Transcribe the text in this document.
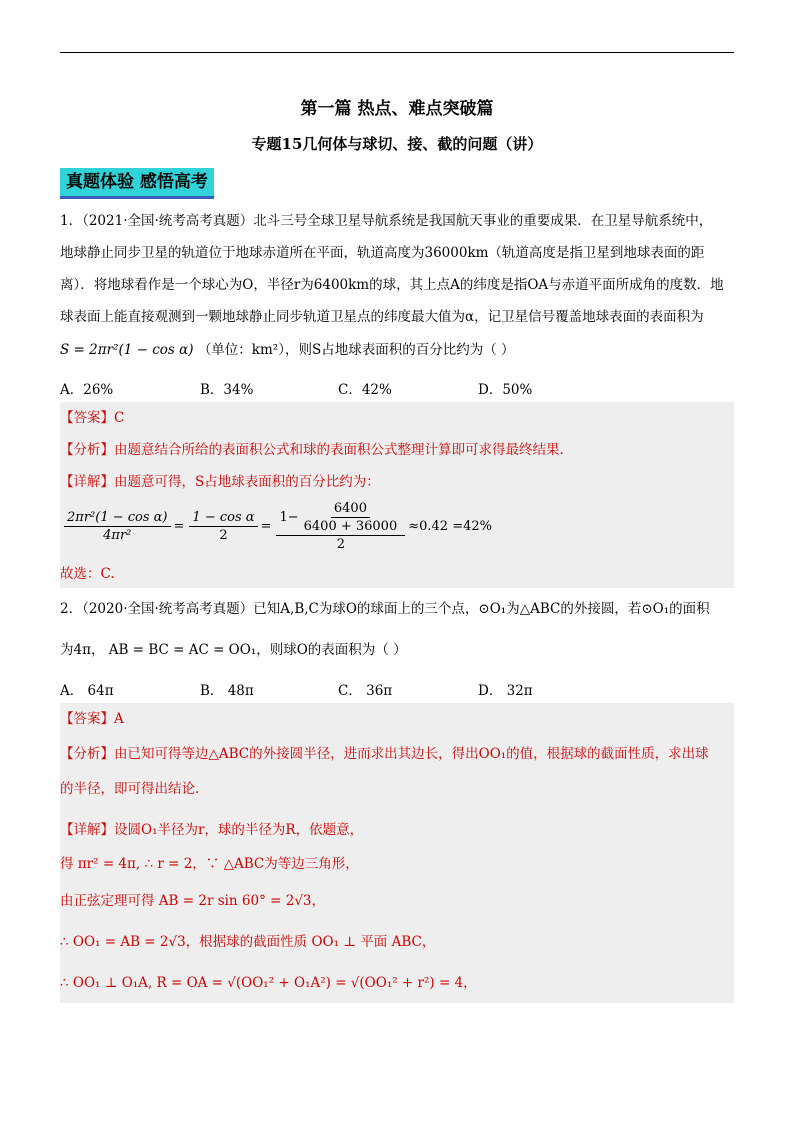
第一篇 热点、难点突破篇
专题15几何体与球切、接、截的问题（讲）
真题体验 感悟高考
1．（2021·全国·统考高考真题）北斗三号全球卫星导航系统是我国航天事业的重要成果．在卫星导航系统中，
地球静止同步卫星的轨道位于地球赤道所在平面，轨道高度为36000km（轨道高度是指卫星到地球表面的距
离）．将地球看作是一个球心为O，半径r为6400km的球，其上点A的纬度是指OA与赤道平面所成角的度数．地
球表面上能直接观测到一颗地球静止同步轨道卫星点的纬度最大值为α，记卫星信号覆盖地球表面的表面积为
S = 2πr²(1 − cos α) （单位：km²），则S占地球表面积的百分比约为（ ）
A．26%	B．34%	C．42%	D．50%
【答案】C
【分析】由题意结合所给的表面积公式和球的表面积公式整理计算即可求得最终结果.
【详解】由题意可得，S占地球表面积的百分比约为：
$\frac{\text{2πr²(1 − cos α)}}{\text{4πr²}} = \frac{\text{1 − cos α}}{2} = \frac{1- \frac{6400}{6400 + 36000}}{2} \approx 0.42 =42\%$
故选：C.
2．（2020·全国·统考高考真题）已知A,B,C为球O的球面上的三个点，⊙O₁为△ABC的外接圆，若⊙O₁的面积
为4π， AB = BC = AC = OO₁，则球O的表面积为（ ）
A． 64π	B． 48π	C． 36π	D． 32π
【答案】A
【分析】由已知可得等边△ABC的外接圆半径，进而求出其边长，得出OO₁的值，根据球的截面性质，求出球
的半径，即可得出结论.
【详解】设圆O₁半径为r，球的半径为R，依题意，
得 πr² = 4π, ∴ r = 2，∵ △ABC为等边三角形，
由正弦定理可得 AB = 2r sin 60° = 2√3，
∴ OO₁ = AB = 2√3，根据球的截面性质 OO₁ ⊥ 平面 ABC，
∴ OO₁ ⊥ O₁A, R = OA = √(OO₁² + O₁A²) = √(OO₁² + r²) = 4，
